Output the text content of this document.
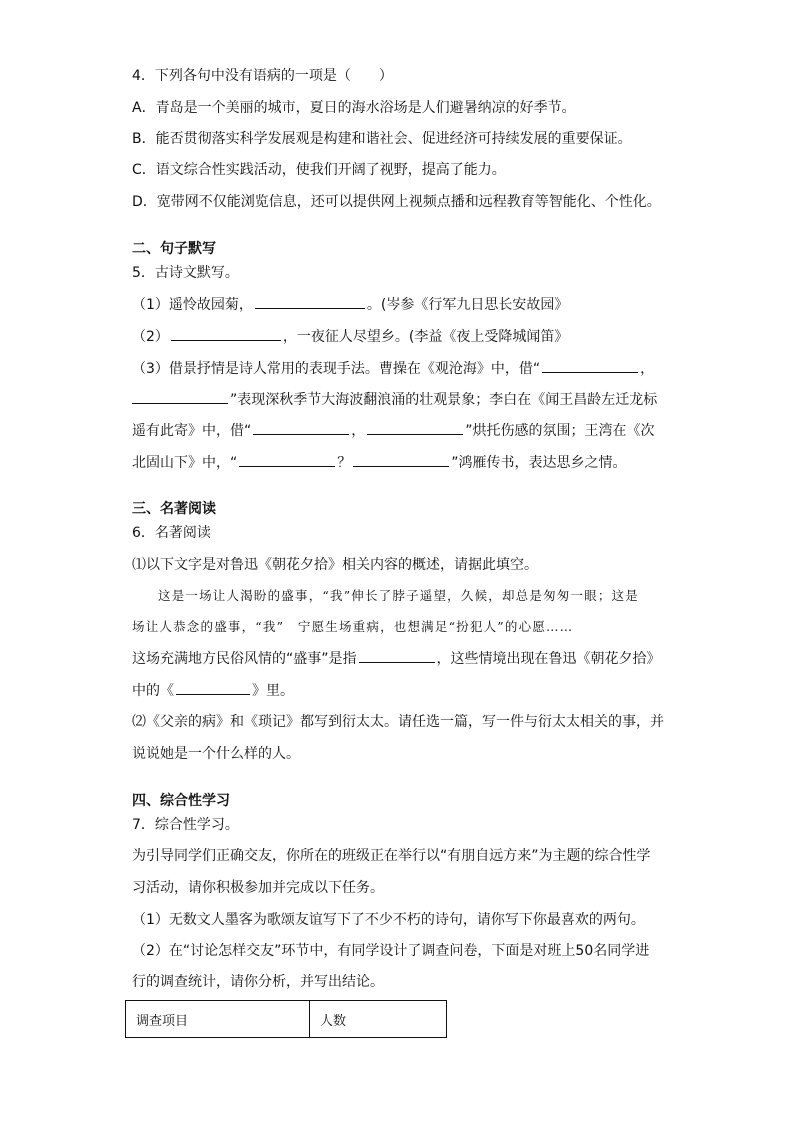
4．下列各句中没有语病的一项是（　　）
A．青岛是一个美丽的城市，夏日的海水浴场是人们避暑纳凉的好季节。
B．能否贯彻落实科学发展观是构建和谐社会、促进经济可持续发展的重要保证。
C．语文综合性实践活动，使我们开阔了视野，提高了能力。
D．宽带网不仅能浏览信息，还可以提供网上视频点播和远程教育等智能化、个性化。
二、句子默写
5．古诗文默写。
（1）遥怜故园菊，	。(岑参《行军九日思长安故园》
（2）	，一夜征人尽望乡。(李益《夜上受降城闻笛》
（3）借景抒情是诗人常用的表现手法。曹操在《观沧海》中，借“	，
”表现深秋季节大海波翻浪涌的壮观景象；李白在《闻王昌龄左迁龙标
遥有此寄》中，借“	，	”烘托伤感的氛围；王湾在《次
北固山下》中，“	？	”鸿雁传书，表达思乡之情。
三、名著阅读
6．名著阅读
⑴以下文字是对鲁迅《朝花夕拾》相关内容的概述，请据此填空。
这是一场让人渴盼的盛事，“我”伸长了脖子遥望，久候，却总是匆匆一眼；这是
场让人恭念的盛事，“我”　宁愿生场重病，也想满足“扮犯人”的心愿……
这场充满地方民俗风情的“盛事”是指	，这些情境出现在鲁迅《朝花夕拾》
中的《	》里。
⑵《父亲的病》和《琐记》都写到衍太太。请任选一篇，写一件与衍太太相关的事，并
说说她是一个什么样的人。
四、综合性学习
7．综合性学习。
为引导同学们正确交友，你所在的班级正在举行以“有朋自远方来”为主题的综合性学
习活动，请你积极参加并完成以下任务。
（1）无数文人墨客为歌颂友谊写下了不少不朽的诗句，请你写下你最喜欢的两句。
（2）在“讨论怎样交友”环节中，有同学设计了调查问卷，下面是对班上50名同学进
行的调查统计，请你分析，并写出结论。
调查项目	人数
